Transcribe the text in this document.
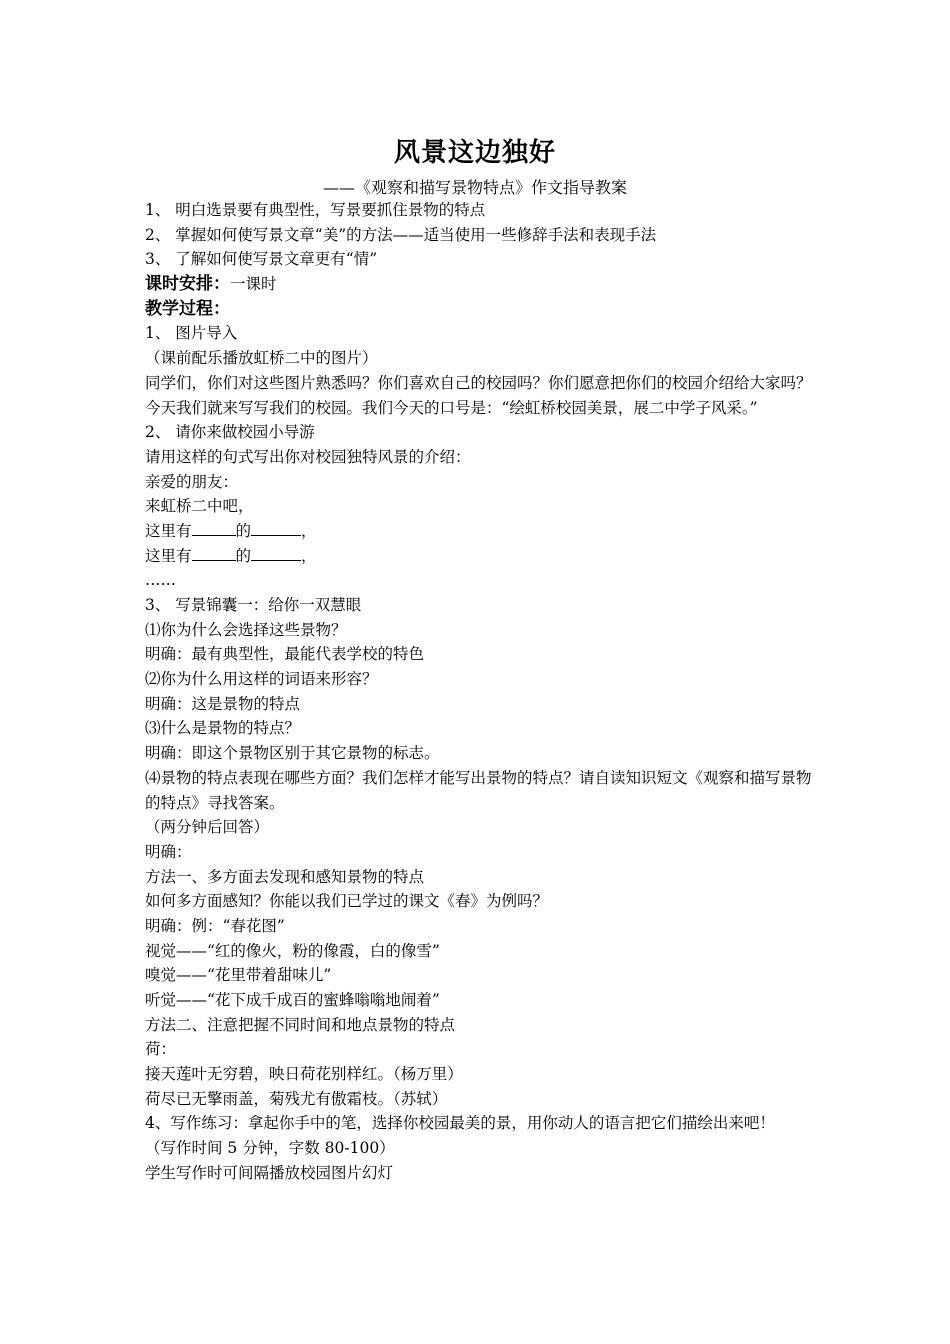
风景这边独好
——《观察和描写景物特点》作文指导教案
1、 明白选景要有典型性，写景要抓住景物的特点
2、 掌握如何使写景文章“美”的方法——适当使用一些修辞手法和表现手法
3、 了解如何使写景文章更有“情”
课时安排：一课时
教学过程：
1、 图片导入
（课前配乐播放虹桥二中的图片）
同学们，你们对这些图片熟悉吗？你们喜欢自己的校园吗？你们愿意把你们的校园介绍给大家吗？
今天我们就来写写我们的校园。我们今天的口号是：“绘虹桥校园美景，展二中学子风采。”
2、 请你来做校园小导游
请用这样的句式写出你对校园独特风景的介绍：
亲爱的朋友：
来虹桥二中吧，
这里有	的	，
这里有	的	，
……
3、 写景锦囊一：给你一双慧眼
⑴你为什么会选择这些景物？
明确：最有典型性，最能代表学校的特色
⑵你为什么用这样的词语来形容？
明确：这是景物的特点
⑶什么是景物的特点？
明确：即这个景物区别于其它景物的标志。
⑷景物的特点表现在哪些方面？我们怎样才能写出景物的特点？请自读知识短文《观察和描写景物的特点》寻找答案。
（两分钟后回答）
明确：
方法一、多方面去发现和感知景物的特点
如何多方面感知？你能以我们已学过的课文《春》为例吗？
明确：例：“春花图”
视觉——“红的像火，粉的像霞，白的像雪”
嗅觉——“花里带着甜味儿”
听觉——“花下成千成百的蜜蜂嗡嗡地闹着”
方法二、注意把握不同时间和地点景物的特点
荷：
接天莲叶无穷碧，映日荷花别样红。（杨万里）
荷尽已无擎雨盖，菊残尤有傲霜枝。（苏轼）
4、写作练习：拿起你手中的笔，选择你校园最美的景，用你动人的语言把它们描绘出来吧！
（写作时间 5 分钟，字数 80-100）
学生写作时可间隔播放校园图片幻灯
